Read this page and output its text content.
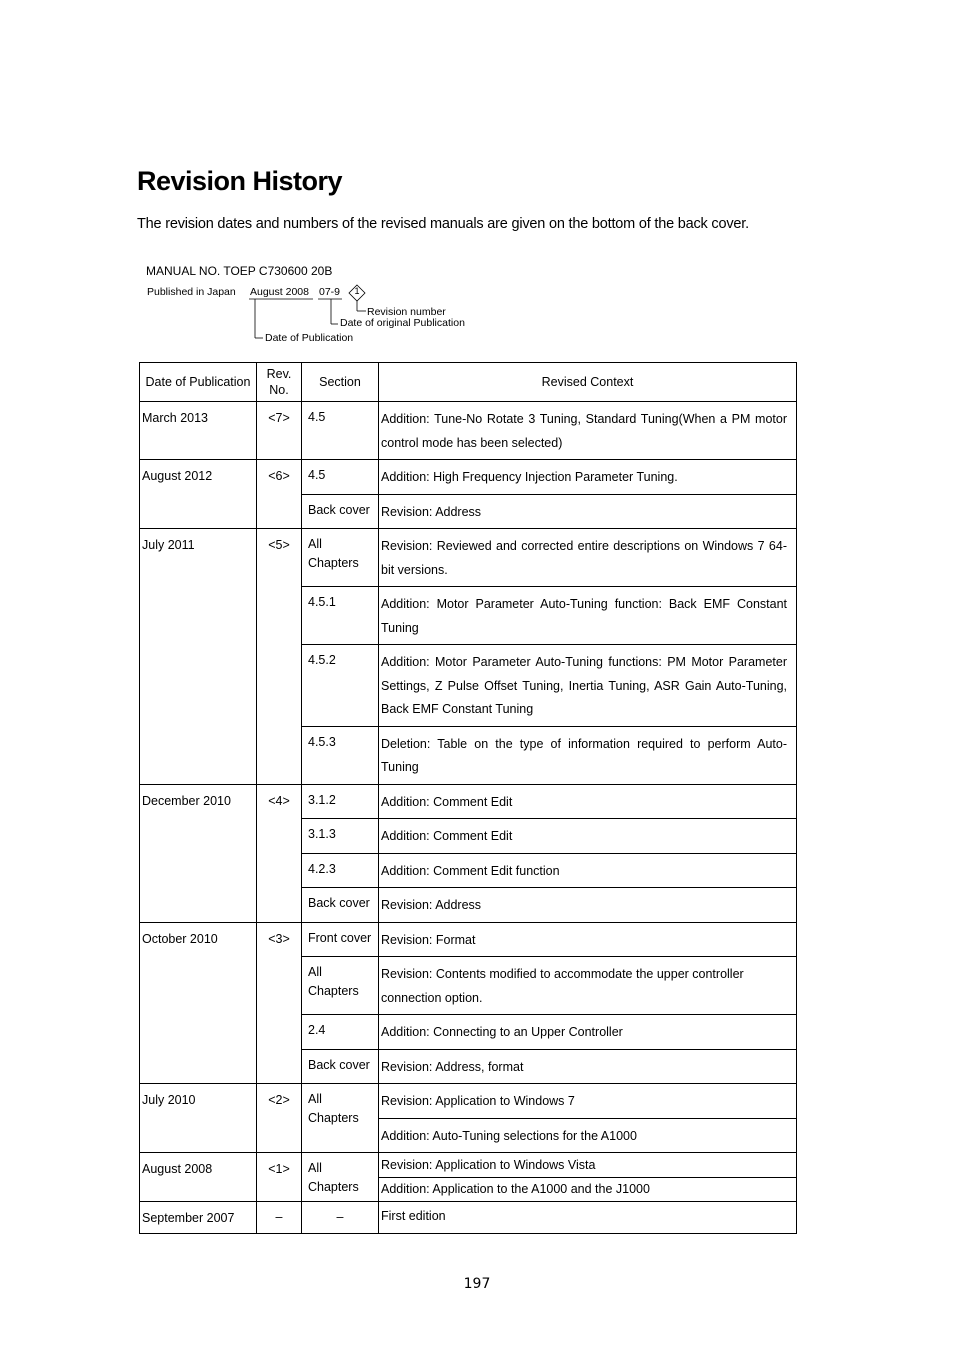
Revision History
The revision dates and numbers of the revised manuals are given on the bottom of the back cover.
MANUAL NO. TOEP C730600 20B
Published in Japan August 2008 07-9	1
Revision number
Date of original Publication
Date of Publication
Date of Publication	Rev. No.	Section	Revised Context
March 2013	<7>	4.5	Addition: Tune-No Rotate 3 Tuning, Standard Tuning(When a PM motor control mode has been selected)
August 2012	<6>	4.5	Addition: High Frequency Injection Parameter Tuning.
		Back cover	Revision: Address
July 2011	<5>	All Chapters	Revision: Reviewed and corrected entire descriptions on Windows 7 64-bit versions.
		4.5.1	Addition: Motor Parameter Auto-Tuning function: Back EMF Constant Tuning
		4.5.2	Addition: Motor Parameter Auto-Tuning functions: PM Motor Parameter Settings, Z Pulse Offset Tuning, Inertia Tuning, ASR Gain Auto-Tuning, Back EMF Constant Tuning
		4.5.3	Deletion: Table on the type of information required to perform Auto-Tuning
December 2010	<4>	3.1.2	Addition: Comment Edit
		3.1.3	Addition: Comment Edit
		4.2.3	Addition: Comment Edit function
		Back cover	Revision: Address
October 2010	<3>	Front cover	Revision: Format
		All Chapters	Revision: Contents modified to accommodate the upper controller connection option.
		2.4	Addition: Connecting to an Upper Controller
		Back cover	Revision: Address, format
July 2010	<2>	All Chapters	Revision: Application to Windows 7
			Addition: Auto-Tuning selections for the A1000
August 2008	<1>	All Chapters	Revision: Application to Windows Vista
			Addition: Application to the A1000 and the J1000
September 2007	–	–	First edition
197
